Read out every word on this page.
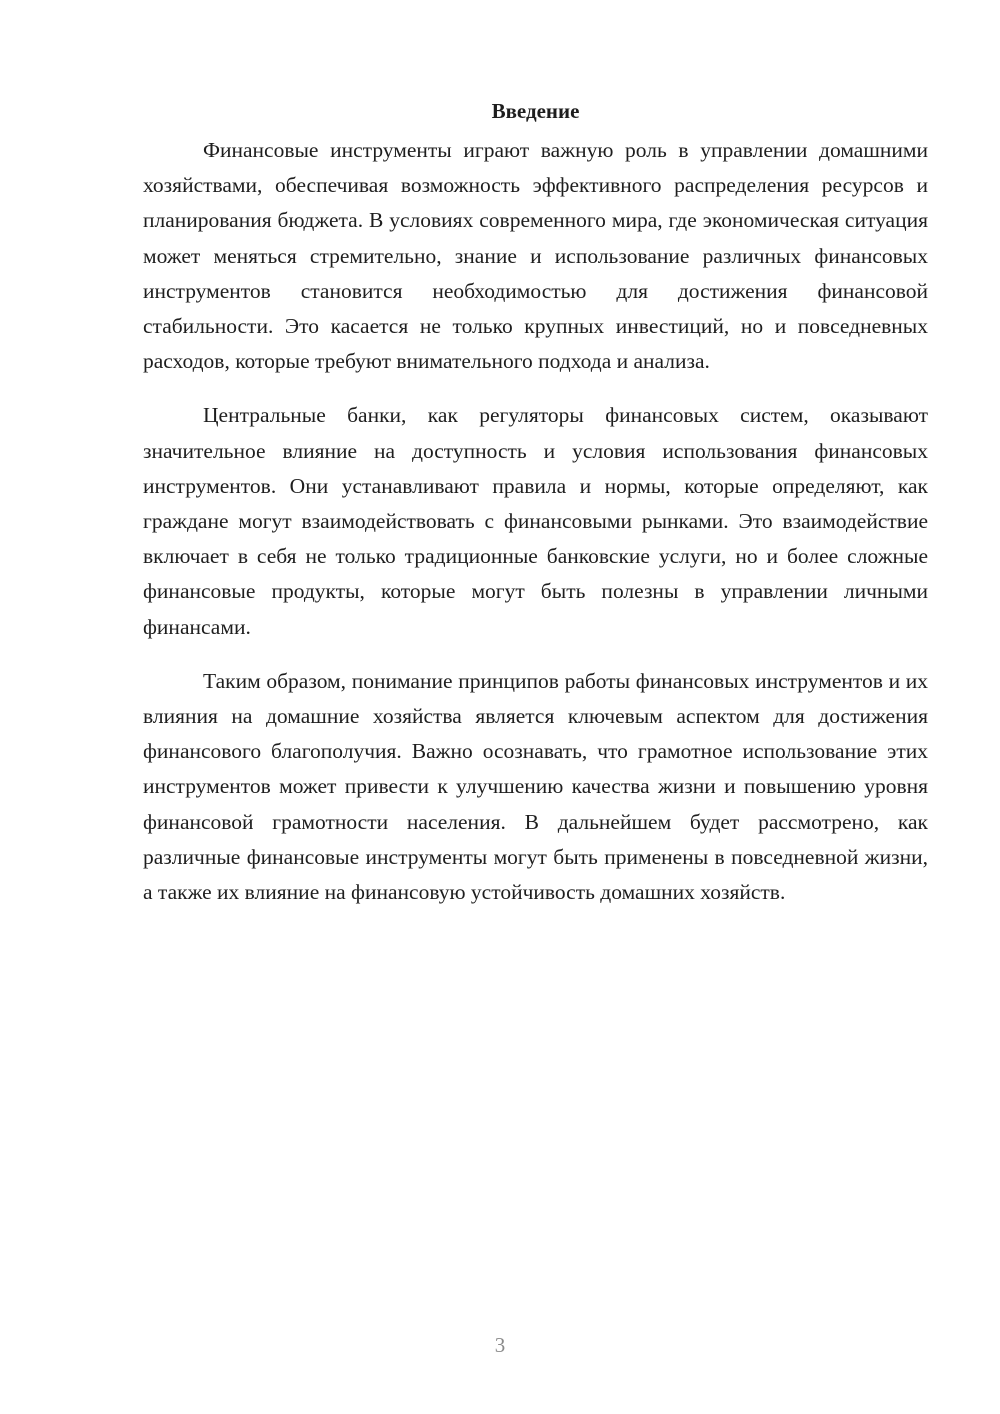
Введение

Финансовые инструменты играют важную роль в управлении домашними хозяйствами, обеспечивая возможность эффективного распределения ресурсов и планирования бюджета. В условиях современного мира, где экономическая ситуация может меняться стремительно, знание и использование различных финансовых инструментов становится необходимостью для достижения финансовой стабильности. Это касается не только крупных инвестиций, но и повседневных расходов, которые требуют внимательного подхода и анализа.

Центральные банки, как регуляторы финансовых систем, оказывают значительное влияние на доступность и условия использования финансовых инструментов. Они устанавливают правила и нормы, которые определяют, как граждане могут взаимодействовать с финансовыми рынками. Это взаимодействие включает в себя не только традиционные банковские услуги, но и более сложные финансовые продукты, которые могут быть полезны в управлении личными финансами.

Таким образом, понимание принципов работы финансовых инструментов и их влияния на домашние хозяйства является ключевым аспектом для достижения финансового благополучия. Важно осознавать, что грамотное использование этих инструментов может привести к улучшению качества жизни и повышению уровня финансовой грамотности населения. В дальнейшем будет рассмотрено, как различные финансовые инструменты могут быть применены в повседневной жизни, а также их влияние на финансовую устойчивость домашних хозяйств.

3
